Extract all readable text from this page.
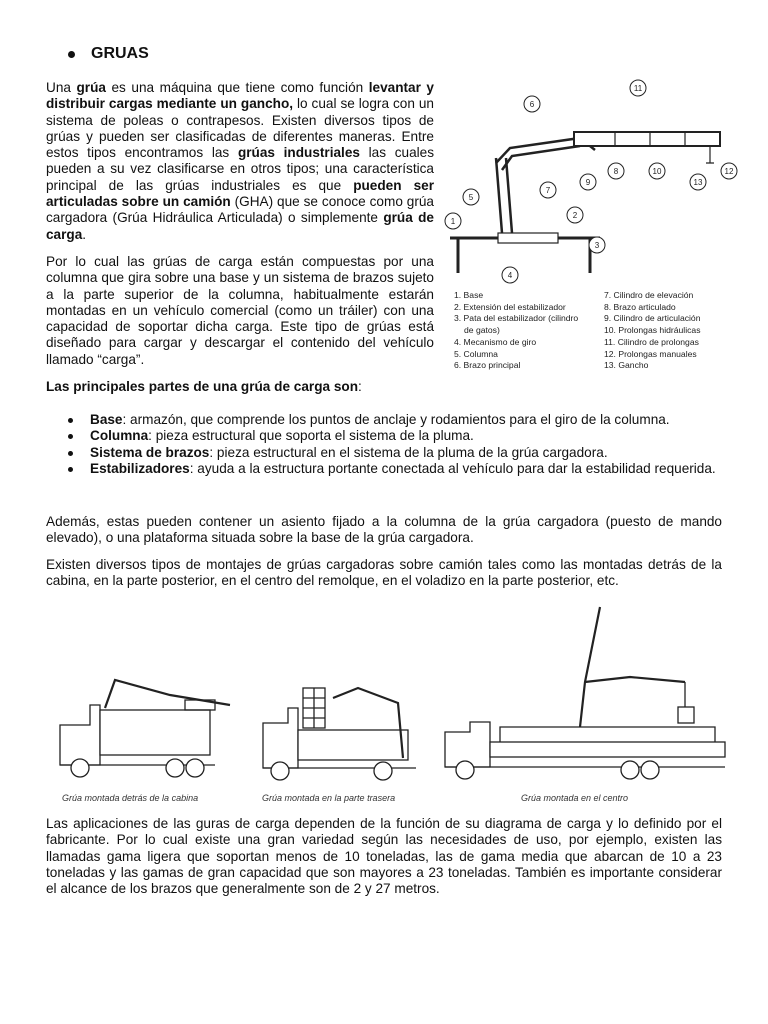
GRUAS
Una grúa es una máquina que tiene como función levantar y distribuir cargas mediante un gancho, lo cual se logra con un sistema de poleas o contrapesos. Existen diversos tipos de grúas y pueden ser clasificadas de diferentes maneras. Entre estos tipos encontramos las grúas industriales las cuales pueden a su vez clasificarse en otros tipos; una característica principal de las grúas industriales es que pueden ser articuladas sobre un camión (GHA) que se conoce como grúa cargadora (Grúa Hidráulica Articulada) o simplemente grúa de carga.
Por lo cual las grúas de carga están compuestas por una columna que gira sobre una base y un sistema de brazos sujeto a la parte superior de la columna, habitualmente estarán montadas en un vehículo comercial (como un tráiler) con una capacidad de soportar dicha carga. Este tipo de grúas está diseñado para cargar y descargar el contenido del vehículo llamado “carga”.
Las principales partes de una grúa de carga son:
Base: armazón, que comprende los puntos de anclaje y rodamientos para el giro de la columna.
Columna: pieza estructural que soporta el sistema de la pluma.
Sistema de brazos: pieza estructural en el sistema de la pluma de la grúa cargadora.
Estabilizadores: ayuda a la estructura portante conectada al vehículo para dar la estabilidad requerida.
Además, estas pueden contener un asiento fijado a la columna de la grúa cargadora (puesto de mando elevado), o una plataforma situada sobre la base de la grúa cargadora.
Existen diversos tipos de montajes de grúas cargadoras sobre camión tales como las montadas detrás de la cabina, en la parte posterior, en el centro del remolque, en el voladizo en la parte posterior, etc.
Las aplicaciones de las guras de carga dependen de la función de su diagrama de carga y lo definido por el fabricante. Por lo cual existe una gran variedad según las necesidades de uso, por ejemplo, existen las llamadas gama ligera que soportan menos de 10 toneladas, las de gama media que abarcan de 10 a 23 toneladas y las gamas de gran capacidad que son mayores a 23 toneladas. También es importante considerar el alcance de los brazos que generalmente son de 2 y 27 metros.
1
2
3
4
5
6
7
8
9
10
11
12
13
1. Base
2. Extensión del estabilizador
3. Pata del estabilizador (cilindro
de gatos)
4. Mecanismo de giro
5. Columna
6. Brazo principal
7. Cilindro de elevación
8. Brazo articulado
9. Cilindro de articulación
10. Prolongas hidráulicas
11. Cilindro de prolongas
12. Prolongas manuales
13. Gancho
Grúa montada detrás de la cabina	Grúa montada en la parte trasera	Grúa montada en el centro
